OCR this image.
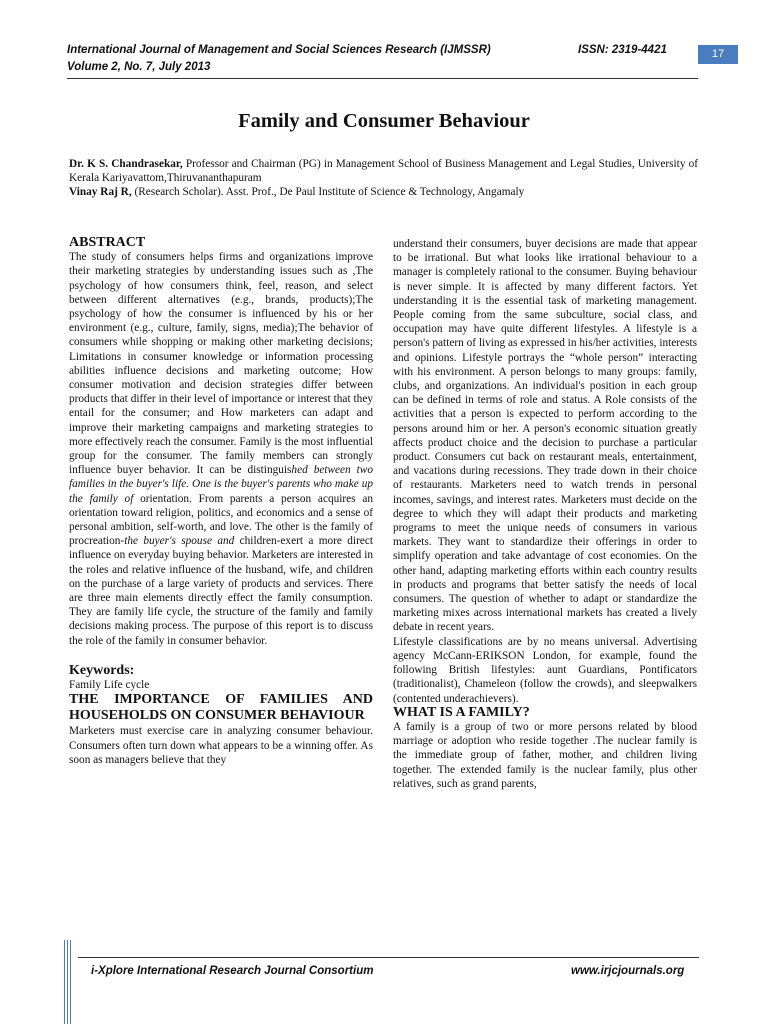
International Journal of Management and Social Sciences Research (IJMSSR)
Volume 2, No. 7, July 2013
ISSN: 2319-4421	17
Family and Consumer Behaviour
Dr. K S. Chandrasekar, Professor and Chairman (PG) in Management School of Business Management and Legal Studies, University of Kerala Kariyavattom,Thiruvananthapuram
Vinay Raj R, (Research Scholar). Asst. Prof., De Paul Institute of Science & Technology, Angamaly
ABSTRACT

The study of consumers helps firms and organizations improve their marketing strategies by understanding issues such as ,The psychology of how consumers think, feel, reason, and select between different alternatives (e.g., brands, products);The psychology of how the consumer is influenced by his or her environment (e.g., culture, family, signs, media);The behavior of consumers while shopping or making other marketing decisions; Limitations in consumer knowledge or information processing abilities influence decisions and marketing outcome; How consumer motivation and decision strategies differ between products that differ in their level of importance or interest that they entail for the consumer; and How marketers can adapt and improve their marketing campaigns and marketing strategies to more effectively reach the consumer. Family is the most influential group for the consumer. The family members can strongly influence buyer behavior. It can be distinguished between two families in the buyer's life. One is the buyer's parents who make up the family of orientation. From parents a person acquires an orientation toward religion, politics, and economics and a sense of personal ambition, self-worth, and love. The other is the family of procreation-the buyer's spouse and children-exert a more direct influence on everyday buying behavior. Marketers are interested in the roles and relative influence of the husband, wife, and children on the purchase of a large variety of products and services. There are three main elements directly effect the family consumption. They are family life cycle, the structure of the family and family decisions making process. The purpose of this report is to discuss the role of the family in consumer behavior.

Keywords:

Family Life cycle

THE IMPORTANCE OF FAMILIES AND HOUSEHOLDS ON CONSUMER BEHAVIOUR

Marketers must exercise care in analyzing consumer behaviour. Consumers often turn down what appears to be a winning offer. As soon as managers believe that they

understand their consumers, buyer decisions are made that appear to be irrational. But what looks like irrational behaviour to a manager is completely rational to the consumer. Buying behaviour is never simple. It is affected by many different factors. Yet understanding it is the essential task of marketing management. People coming from the same subculture, social class, and occupation may have quite different lifestyles. A lifestyle is a person's pattern of living as expressed in his/her activities, interests and opinions. Lifestyle portrays the “whole person” interacting with his environment. A person belongs to many groups: family, clubs, and organizations. An individual's position in each group can be defined in terms of role and status. A Role consists of the activities that a person is expected to perform according to the persons around him or her. A person's economic situation greatly affects product choice and the decision to purchase a particular product. Consumers cut back on restaurant meals, entertainment, and vacations during recessions. They trade down in their choice of restaurants. Marketers need to watch trends in personal incomes, savings, and interest rates. Marketers must decide on the degree to which they will adapt their products and marketing programs to meet the unique needs of consumers in various markets. They want to standardize their offerings in order to simplify operation and take advantage of cost economies. On the other hand, adapting marketing efforts within each country results in products and programs that better satisfy the needs of local consumers. The question of whether to adapt or standardize the marketing mixes across international markets has created a lively debate in recent years.

Lifestyle classifications are by no means universal. Advertising agency McCann-ERIKSON London, for example, found the following British lifestyles: aunt Guardians, Pontificators (traditionalist), Chameleon (follow the crowds), and sleepwalkers (contented underachievers).

WHAT IS A FAMILY?

A family is a group of two or more persons related by blood marriage or adoption who reside together .The nuclear family is the immediate group of father, mother, and children living together. The extended family is the nuclear family, plus other relatives, such as grand parents,

i-Xplore International Research Journal Consortium	www.irjcjournals.org
